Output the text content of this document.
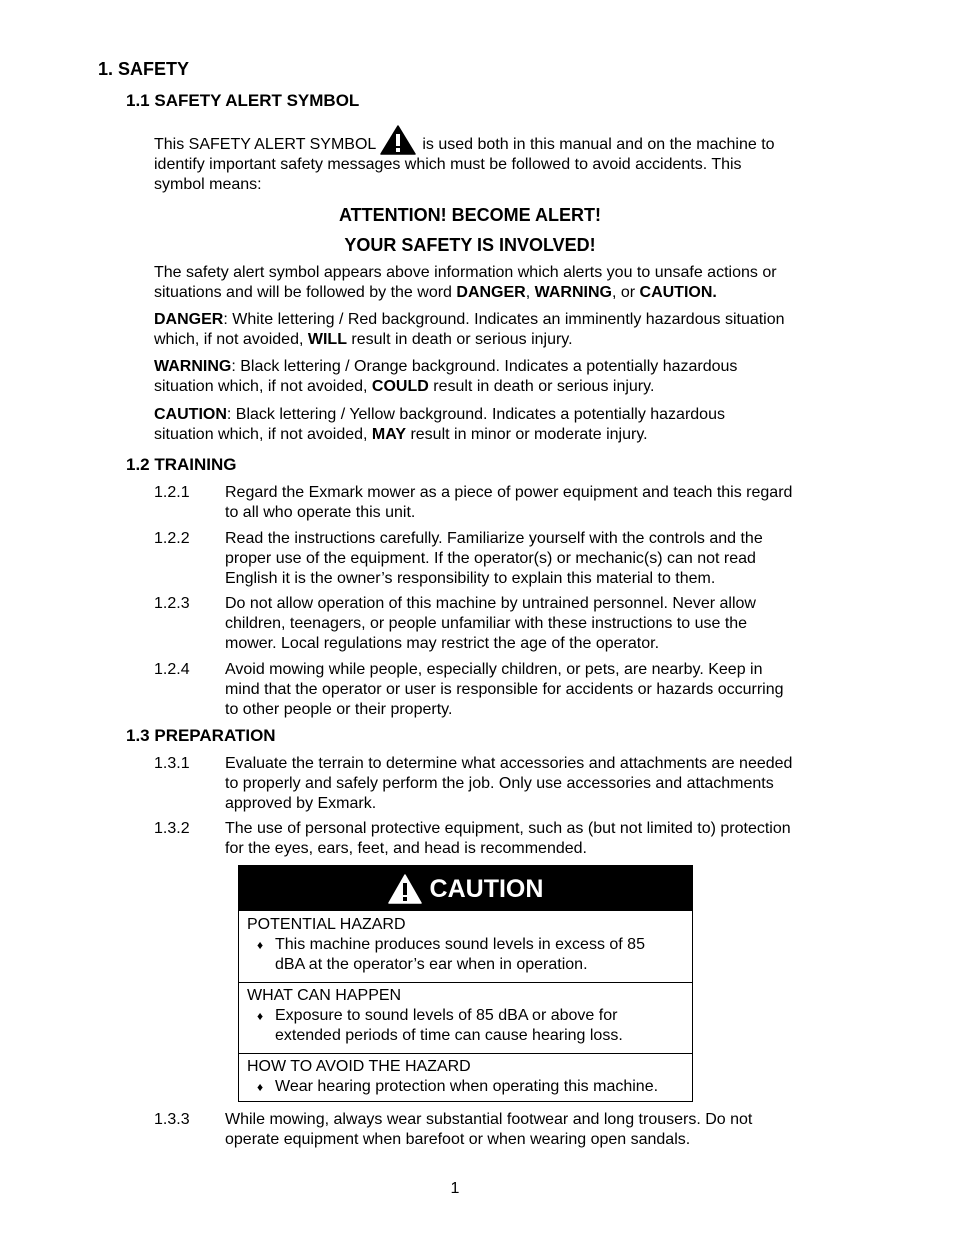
1. SAFETY
1.1 SAFETY ALERT SYMBOL
This SAFETY ALERT SYMBOL	is used both in this manual and on the machine to
identify important safety messages which must be followed to avoid accidents. This
symbol means:
ATTENTION! BECOME ALERT!
YOUR SAFETY IS INVOLVED!
The safety alert symbol appears above information which alerts you to unsafe actions or
situations and will be followed by the word DANGER, WARNING, or CAUTION.
DANGER: White lettering / Red background. Indicates an imminently hazardous situation
which, if not avoided, WILL result in death or serious injury.
WARNING: Black lettering / Orange background. Indicates a potentially hazardous
situation which, if not avoided, COULD result in death or serious injury.
CAUTION: Black lettering / Yellow background. Indicates a potentially hazardous
situation which, if not avoided, MAY result in minor or moderate injury.
1.2 TRAINING
1.2.1	Regard the Exmark mower as a piece of power equipment and teach this regard
to all who operate this unit.
1.2.2	Read the instructions carefully. Familiarize yourself with the controls and the
proper use of the equipment. If the operator(s) or mechanic(s) can not read
English it is the owner’s responsibility to explain this material to them.
1.2.3	Do not allow operation of this machine by untrained personnel. Never allow
children, teenagers, or people unfamiliar with these instructions to use the
mower. Local regulations may restrict the age of the operator.
1.2.4	Avoid mowing while people, especially children, or pets, are nearby. Keep in
mind that the operator or user is responsible for accidents or hazards occurring
to other people or their property.
1.3 PREPARATION
1.3.1	Evaluate the terrain to determine what accessories and attachments are needed
to properly and safely perform the job. Only use accessories and attachments
approved by Exmark.
1.3.2	The use of personal protective equipment, such as (but not limited to) protection
for the eyes, ears, feet, and head is recommended.
CAUTION
POTENTIAL HAZARD
♦ This machine produces sound levels in excess of 85
dBA at the operator’s ear when in operation.
WHAT CAN HAPPEN
♦ Exposure to sound levels of 85 dBA or above for
extended periods of time can cause hearing loss.
HOW TO AVOID THE HAZARD
♦ Wear hearing protection when operating this machine.
1.3.3	While mowing, always wear substantial footwear and long trousers. Do not
operate equipment when barefoot or when wearing open sandals.
1
